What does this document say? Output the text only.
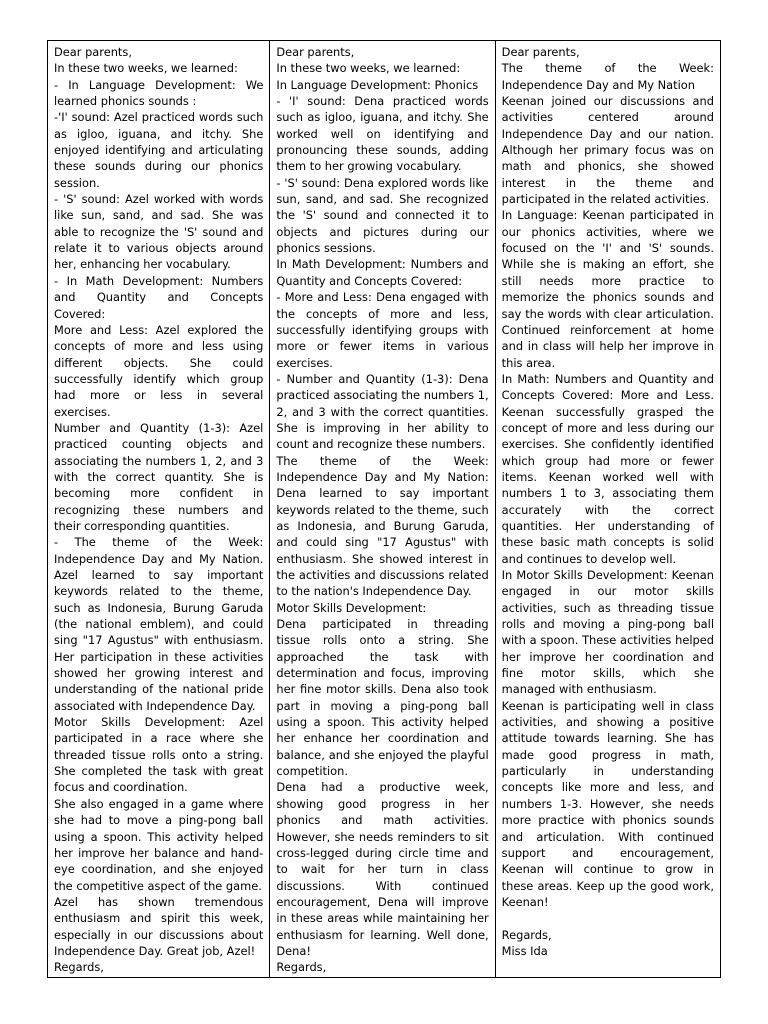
Dear parents,

In these two weeks, we learned:

- In Language Development: We learned phonics sounds :

-'I' sound: Azel practiced words such as igloo, iguana, and itchy. She enjoyed identifying and articulating these sounds during our phonics session.

- 'S' sound: Azel worked with words like sun, sand, and sad. She was able to recognize the 'S' sound and relate it to various objects around her, enhancing her vocabulary.

- In Math Development: Numbers and Quantity and Concepts Covered:

More and Less: Azel explored the concepts of more and less using different objects. She could successfully identify which group had more or less in several exercises.

Number and Quantity (1-3): Azel practiced counting objects and associating the numbers 1, 2, and 3 with the correct quantity. She is becoming more confident in recognizing these numbers and their corresponding quantities.

- The theme of the Week: Independence Day and My Nation. Azel learned to say important keywords related to the theme, such as Indonesia, Burung Garuda (the national emblem), and could sing "17 Agustus" with enthusiasm. Her participation in these activities showed her growing interest and understanding of the national pride associated with Independence Day.

Motor Skills Development: Azel participated in a race where she threaded tissue rolls onto a string. She completed the task with great focus and coordination.

She also engaged in a game where she had to move a ping-pong ball using a spoon. This activity helped her improve her balance and hand-eye coordination, and she enjoyed the competitive aspect of the game.

Azel has shown tremendous enthusiasm and spirit this week, especially in our discussions about Independence Day. Great job, Azel!

Regards,

Dear parents,

In these two weeks, we learned:

In Language Development: Phonics

- 'I' sound: Dena practiced words such as igloo, iguana, and itchy. She worked well on identifying and pronouncing these sounds, adding them to her growing vocabulary.

- 'S' sound: Dena explored words like sun, sand, and sad. She recognized the 'S' sound and connected it to objects and pictures during our phonics sessions.

In Math Development: Numbers and Quantity and Concepts Covered:

- More and Less: Dena engaged with the concepts of more and less, successfully identifying groups with more or fewer items in various exercises.

- Number and Quantity (1-3): Dena practiced associating the numbers 1, 2, and 3 with the correct quantities. She is improving in her ability to count and recognize these numbers.

The theme of the Week: Independence Day and My Nation: Dena learned to say important keywords related to the theme, such as Indonesia, and Burung Garuda, and could sing "17 Agustus" with enthusiasm. She showed interest in the activities and discussions related to the nation's Independence Day.

Motor Skills Development:

Dena participated in threading tissue rolls onto a string. She approached the task with determination and focus, improving her fine motor skills. Dena also took part in moving a ping-pong ball using a spoon. This activity helped her enhance her coordination and balance, and she enjoyed the playful competition.

Dena had a productive week, showing good progress in her phonics and math activities. However, she needs reminders to sit cross-legged during circle time and to wait for her turn in class discussions. With continued encouragement, Dena will improve in these areas while maintaining her enthusiasm for learning. Well done, Dena!

Regards,

Dear parents,

The theme of the Week: Independence Day and My Nation

Keenan joined our discussions and activities centered around Independence Day and our nation. Although her primary focus was on math and phonics, she showed interest in the theme and participated in the related activities.

In Language: Keenan participated in our phonics activities, where we focused on the 'I' and 'S' sounds. While she is making an effort, she still needs more practice to memorize the phonics sounds and say the words with clear articulation. Continued reinforcement at home and in class will help her improve in this area.

In Math: Numbers and Quantity and Concepts Covered: More and Less. Keenan successfully grasped the concept of more and less during our exercises. She confidently identified which group had more or fewer items. Keenan worked well with numbers 1 to 3, associating them accurately with the correct quantities. Her understanding of these basic math concepts is solid and continues to develop well.

In Motor Skills Development: Keenan engaged in our motor skills activities, such as threading tissue rolls and moving a ping-pong ball with a spoon. These activities helped her improve her coordination and fine motor skills, which she managed with enthusiasm.

Keenan is participating well in class activities, and showing a positive attitude towards learning. She has made good progress in math, particularly in understanding concepts like more and less, and numbers 1-3. However, she needs more practice with phonics sounds and articulation. With continued support and encouragement, Keenan will continue to grow in these areas. Keep up the good work, Keenan!

Regards,

Miss Ida
